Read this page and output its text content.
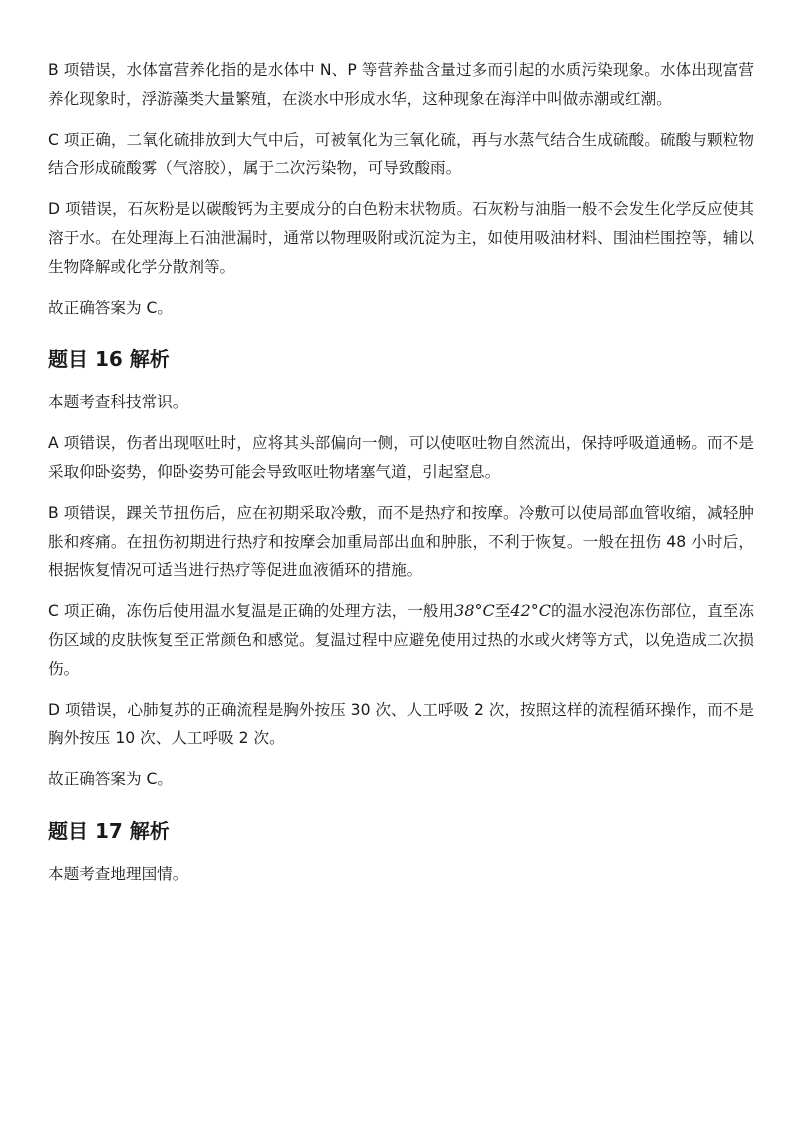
B 项错误，水体富营养化指的是水体中 N、P 等营养盐含量过多而引起的水质污染现象。水体出现富营养化现象时，浮游藻类大量繁殖，在淡水中形成水华，这种现象在海洋中叫做赤潮或红潮。

C 项正确，二氧化硫排放到大气中后，可被氧化为三氧化硫，再与水蒸气结合生成硫酸。硫酸与颗粒物结合形成硫酸雾（气溶胶），属于二次污染物，可导致酸雨。

D 项错误，石灰粉是以碳酸钙为主要成分的白色粉末状物质。石灰粉与油脂一般不会发生化学反应使其溶于水。在处理海上石油泄漏时，通常以物理吸附或沉淀为主，如使用吸油材料、围油栏围控等，辅以生物降解或化学分散剂等。

故正确答案为 C。

题目 16 解析

本题考查科技常识。

A 项错误，伤者出现呕吐时，应将其头部偏向一侧，可以使呕吐物自然流出，保持呼吸道通畅。而不是采取仰卧姿势，仰卧姿势可能会导致呕吐物堵塞气道，引起窒息。

B 项错误，踝关节扭伤后，应在初期采取冷敷，而不是热疗和按摩。冷敷可以使局部血管收缩，减轻肿胀和疼痛。在扭伤初期进行热疗和按摩会加重局部出血和肿胀，不利于恢复。一般在扭伤 48 小时后，根据恢复情况可适当进行热疗等促进血液循环的措施。

C 项正确，冻伤后使用温水复温是正确的处理方法，一般用38°C至42°C的温水浸泡冻伤部位，直至冻伤区域的皮肤恢复至正常颜色和感觉。复温过程中应避免使用过热的水或火烤等方式，以免造成二次损伤。

D 项错误，心肺复苏的正确流程是胸外按压 30 次、人工呼吸 2 次，按照这样的流程循环操作，而不是胸外按压 10 次、人工呼吸 2 次。

故正确答案为 C。

题目 17 解析

本题考查地理国情。
